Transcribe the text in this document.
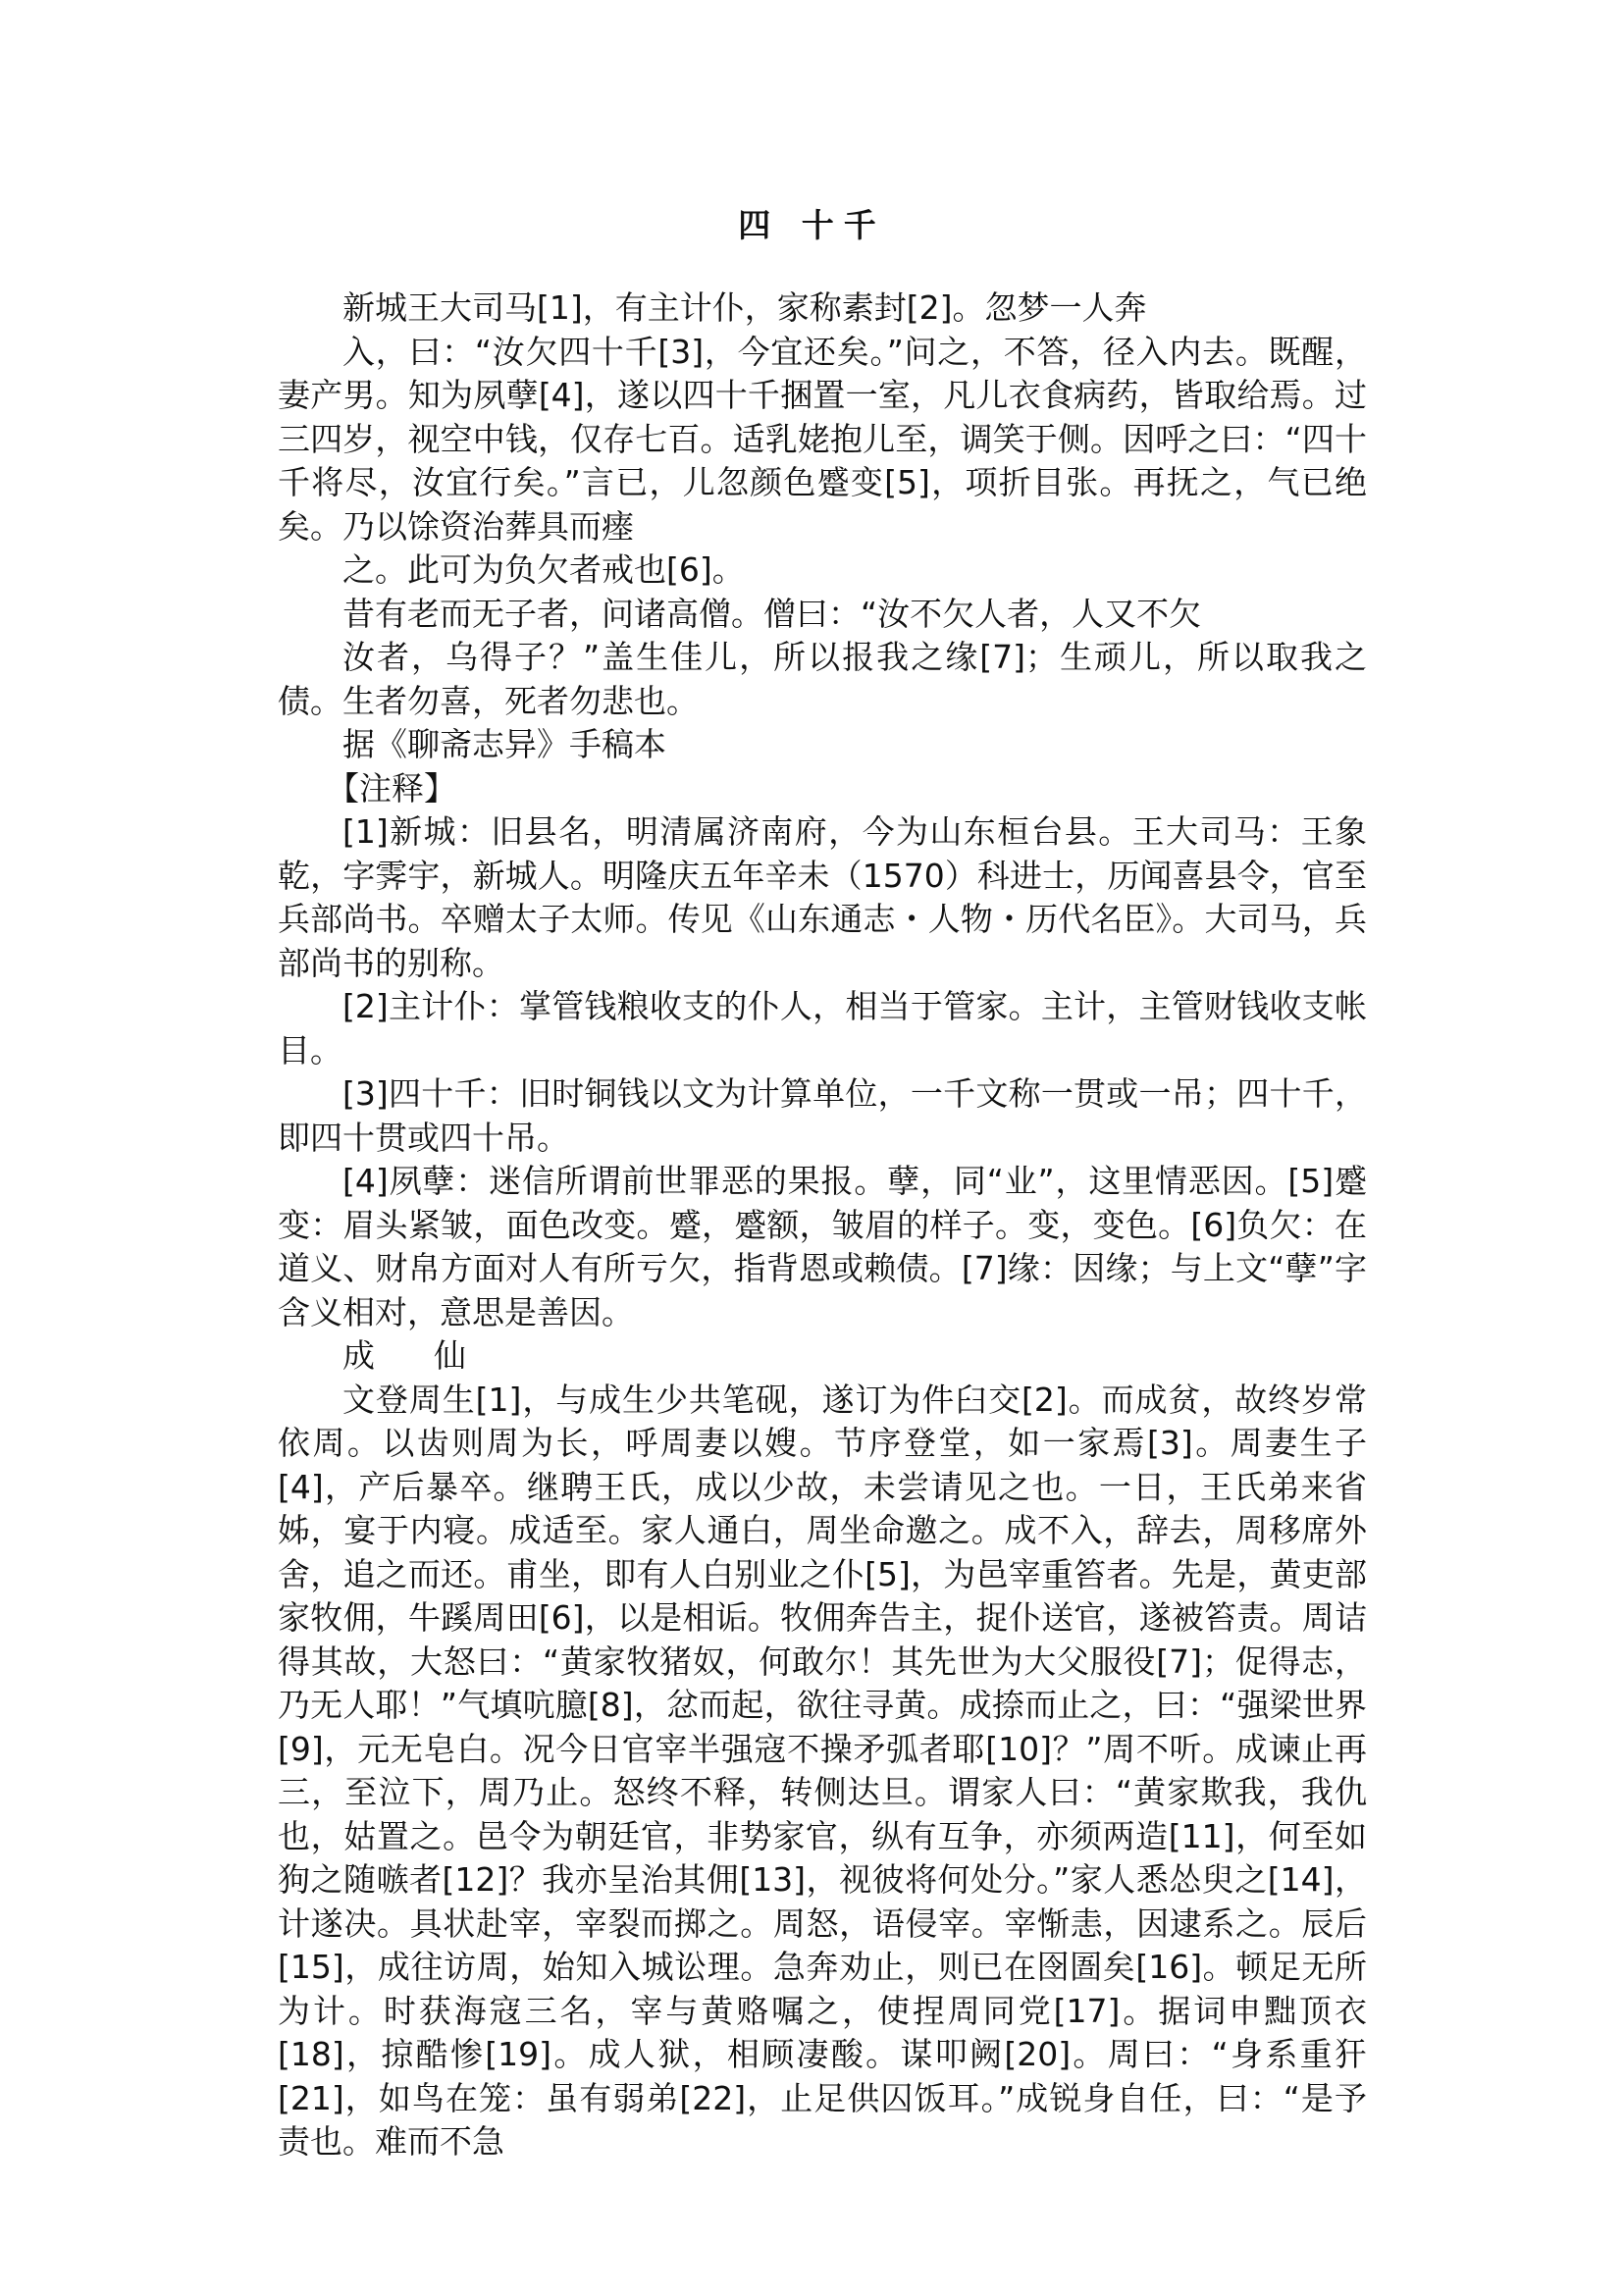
四 十千

新城王大司马[1]，有主计仆，家称素封[2]。忽梦一人奔

入，曰：“汝欠四十千[3]，今宜还矣。”问之，不答，径入内去。既醒，妻产男。知为夙孽[4]，遂以四十千捆置一室，凡儿衣食病药，皆取给焉。过三四岁，视空中钱，仅存七百。适乳姥抱儿至，调笑于侧。因呼之曰：“四十千将尽，汝宜行矣。”言已，儿忽颜色蹙变[5]，项折目张。再抚之，气已绝矣。乃以馀资治葬具而瘗

之。此可为负欠者戒也[6]。

昔有老而无子者，问诸高僧。僧曰：“汝不欠人者，人又不欠

汝者，乌得子？”盖生佳儿，所以报我之缘[7]；生顽儿，所以取我之债。生者勿喜，死者勿悲也。

据《聊斋志异》手稿本

【注释】

[1]新城：旧县名，明清属济南府，今为山东桓台县。王大司马：王象乾，字霁宇，新城人。明隆庆五年辛未（1570）科进士，历闻喜县令，官至兵部尚书。卒赠太子太师。传见《山东通志・人物・历代名臣》。大司马，兵部尚书的别称。

[2]主计仆：掌管钱粮收支的仆人，相当于管家。主计，主管财钱收支帐目。

[3]四十千：旧时铜钱以文为计算单位，一千文称一贯或一吊；四十千，即四十贯或四十吊。

[4]夙孽：迷信所谓前世罪恶的果报。孽，同“业”，这里情恶因。[5]蹙变：眉头紧皱，面色改变。蹙，蹙额，皱眉的样子。变，变色。[6]负欠：在道义、财帛方面对人有所亏欠，指背恩或赖债。[7]缘：因缘；与上文“孽”字含义相对，意思是善因。

成仙

文登周生[1]，与成生少共笔砚，遂订为件臼交[2]。而成贫，故终岁常依周。以齿则周为长，呼周妻以嫂。节序登堂，如一家焉[3]。周妻生子[4]，产后暴卒。继聘王氏，成以少故，未尝请见之也。一日，王氏弟来省姊，宴于内寝。成适至。家人通白，周坐命邀之。成不入，辞去，周移席外舍，追之而还。甫坐，即有人白别业之仆[5]，为邑宰重笞者。先是，黄吏部家牧佣，牛蹊周田[6]，以是相诟。牧佣奔告主，捉仆送官，遂被笞责。周诘得其故，大怒曰：“黄家牧猪奴，何敢尔！其先世为大父服役[7]；促得志，乃无人耶！”气填吭臆[8]，忿而起，欲往寻黄。成捺而止之，曰：“强梁世界[9]，元无皂白。况今日官宰半强寇不操矛弧者耶[10]？”周不听。成谏止再三，至泣下，周乃止。怒终不释，转侧达旦。谓家人曰：“黄家欺我，我仇也，姑置之。邑令为朝廷官，非势家官，纵有互争，亦须两造[11]，何至如狗之随嗾者[12]？我亦呈治其佣[13]，视彼将何处分。”家人悉怂臾之[14]，计遂决。具状赴宰，宰裂而掷之。周怒，语侵宰。宰惭恚，因逮系之。辰后[15]，成往访周，始知入城讼理。急奔劝止，则已在囹圄矣[16]。顿足无所为计。时获海寇三名，宰与黄赂嘱之，使捏周同党[17]。据词申黜顶衣[18]，掠酷惨[19]。成人狱，相顾凄酸。谋叩阙[20]。周曰：“身系重犴[21]，如鸟在笼：虽有弱弟[22]，止足供囚饭耳。”成锐身自任，曰：“是予责也。难而不急
